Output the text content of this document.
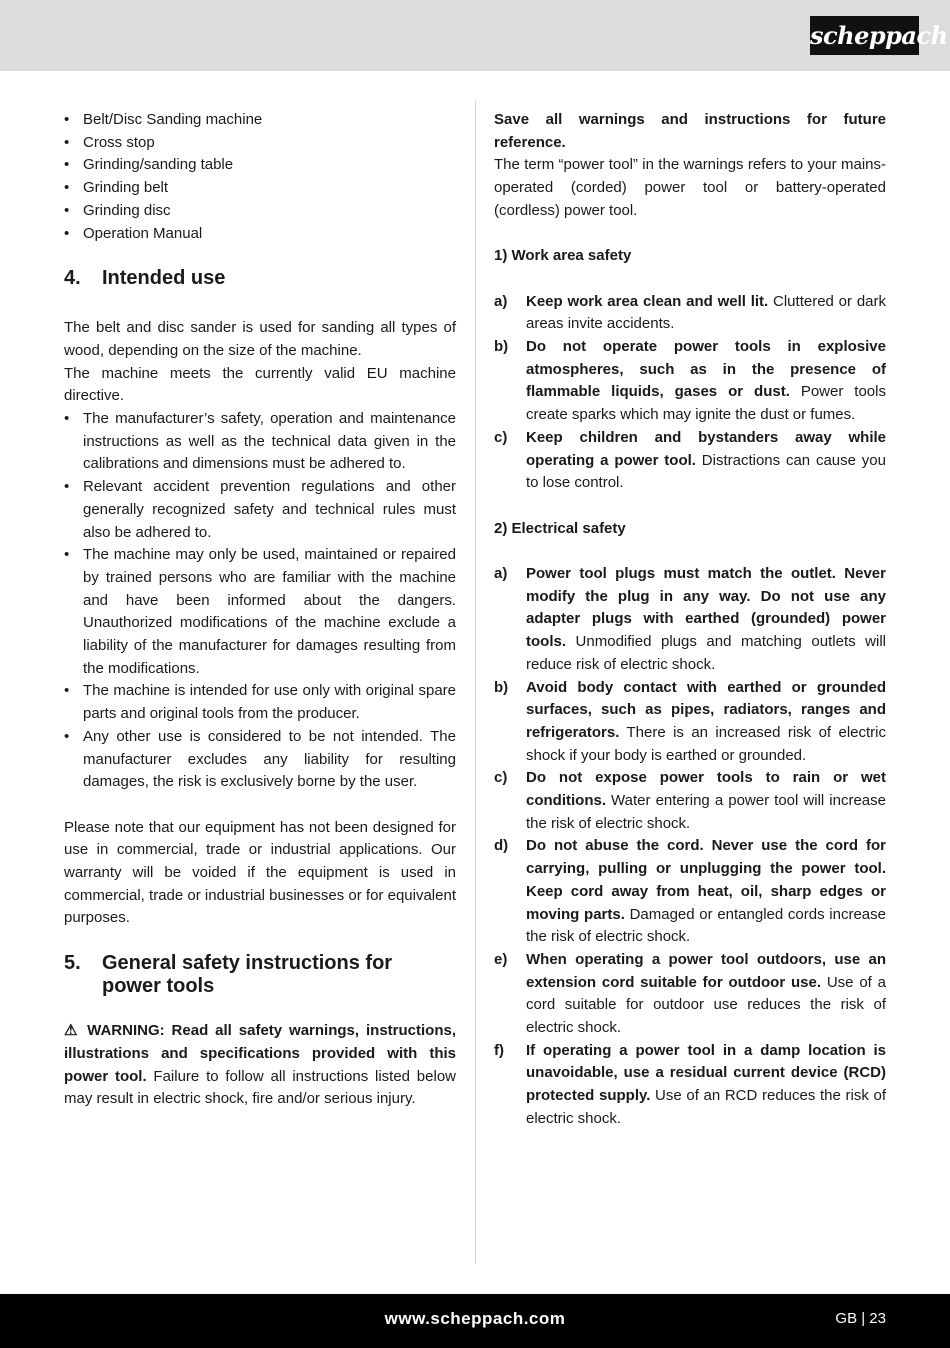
scheppach
• Belt/Disc Sanding machine
• Cross stop
• Grinding/sanding table
• Grinding belt
• Grinding disc
• Operation Manual
4. Intended use

The belt and disc sander is used for sanding all types of wood, depending on the size of the machine.

The machine meets the currently valid EU machine directive.

• The manufacturer’s safety, operation and maintenance instructions as well as the technical data given in the calibrations and dimensions must be adhered to.
• Relevant accident prevention regulations and other generally recognized safety and technical rules must also be adhered to.
• The machine may only be used, maintained or repaired by trained persons who are familiar with the machine and have been informed about the dangers. Unauthorized modifications of the machine exclude a liability of the manufacturer for damages resulting from the modifications.
• The machine is intended for use only with original spare parts and original tools from the producer.
• Any other use is considered to be not intended. The manufacturer excludes any liability for resulting damages, the risk is exclusively borne by the user.

Please note that our equipment has not been designed for use in commercial, trade or industrial applications. Our warranty will be voided if the equipment is used in commercial, trade or industrial businesses or for equivalent purposes.

5. General safety instructions for power tools

⚠ WARNING: Read all safety warnings, instructions, illustrations and specifications provided with this power tool. Failure to follow all instructions listed below may result in electric shock, fire and/or serious injury.

Save all warnings and instructions for future reference.

The term “power tool” in the warnings refers to your mains-operated (corded) power tool or battery-operated (cordless) power tool.

1) Work area safety

a) Keep work area clean and well lit. Cluttered or dark areas invite accidents.
b) Do not operate power tools in explosive atmospheres, such as in the presence of flammable liquids, gases or dust. Power tools create sparks which may ignite the dust or fumes.
c) Keep children and bystanders away while operating a power tool. Distractions can cause you to lose control.

2) Electrical safety

a) Power tool plugs must match the outlet. Never modify the plug in any way. Do not use any adapter plugs with earthed (grounded) power tools. Unmodified plugs and matching outlets will reduce risk of electric shock.
b) Avoid body contact with earthed or grounded surfaces, such as pipes, radiators, ranges and refrigerators. There is an increased risk of electric shock if your body is earthed or grounded.
c) Do not expose power tools to rain or wet conditions. Water entering a power tool will increase the risk of electric shock.
d) Do not abuse the cord. Never use the cord for carrying, pulling or unplugging the power tool. Keep cord away from heat, oil, sharp edges or moving parts. Damaged or entangled cords increase the risk of electric shock.
e) When operating a power tool outdoors, use an extension cord suitable for outdoor use. Use of a cord suitable for outdoor use reduces the risk of electric shock.
f) If operating a power tool in a damp location is unavoidable, use a residual current device (RCD) protected supply. Use of an RCD reduces the risk of electric shock.
www.scheppach.com	GB | 23
